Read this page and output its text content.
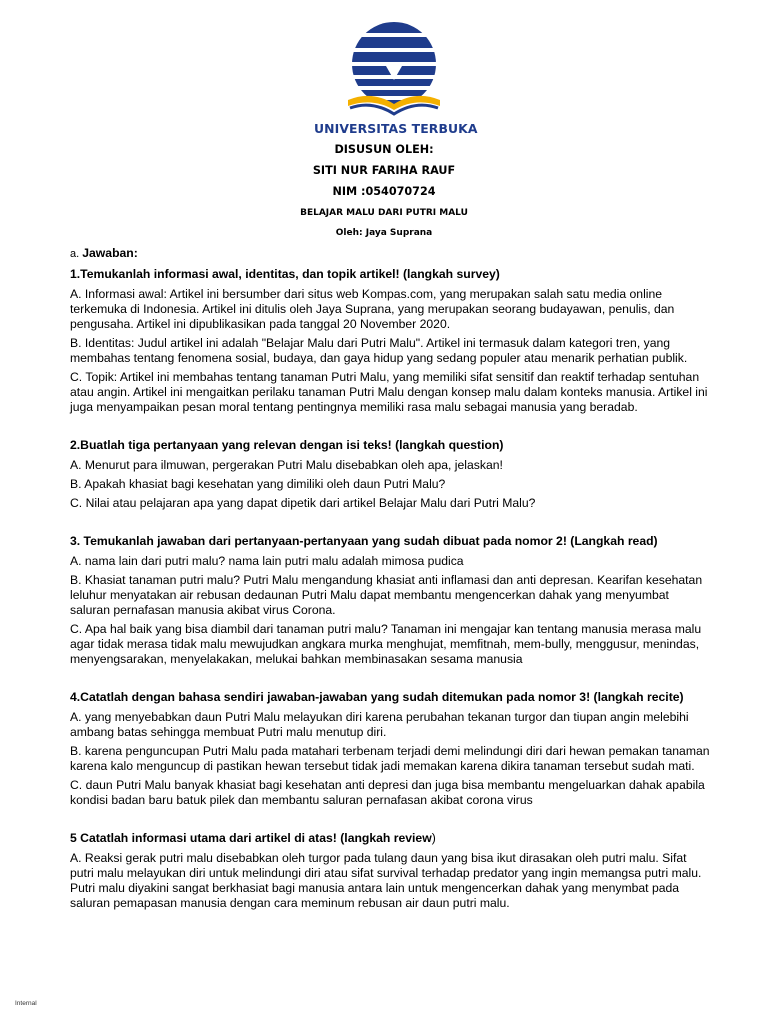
UNIVERSITAS TERBUKA
DISUSUN OLEH:
SITI NUR FARIHA RAUF
NIM :054070724
BELAJAR MALU DARI PUTRI MALU
Oleh: Jaya Suprana

a. Jawaban:

1.Temukanlah informasi awal, identitas, dan topik artikel! (langkah survey)

A. Informasi awal: Artikel ini bersumber dari situs web Kompas.com, yang merupakan salah satu media online terkemuka di Indonesia. Artikel ini ditulis oleh Jaya Suprana, yang merupakan seorang budayawan, penulis, dan pengusaha. Artikel ini dipublikasikan pada tanggal 20 November 2020.

B. Identitas: Judul artikel ini adalah "Belajar Malu dari Putri Malu". Artikel ini termasuk dalam kategori tren, yang membahas tentang fenomena sosial, budaya, dan gaya hidup yang sedang populer atau menarik perhatian publik.

C. Topik: Artikel ini membahas tentang tanaman Putri Malu, yang memiliki sifat sensitif dan reaktif terhadap sentuhan atau angin. Artikel ini mengaitkan perilaku tanaman Putri Malu dengan konsep malu dalam konteks manusia. Artikel ini juga menyampaikan pesan moral tentang pentingnya memiliki rasa malu sebagai manusia yang beradab.

2.Buatlah tiga pertanyaan yang relevan dengan isi teks! (langkah question)

A. Menurut para ilmuwan, pergerakan Putri Malu disebabkan oleh apa, jelaskan!

B. Apakah khasiat bagi kesehatan yang dimiliki oleh daun Putri Malu?

C. Nilai atau pelajaran apa yang dapat dipetik dari artikel Belajar Malu dari Putri Malu?

3. Temukanlah jawaban dari pertanyaan-pertanyaan yang sudah dibuat pada nomor 2! (Langkah read)

A. nama lain dari putri malu? nama lain putri malu adalah mimosa pudica

B. Khasiat tanaman putri malu? Putri Malu mengandung khasiat anti inflamasi dan anti depresan. Kearifan kesehatan leluhur menyatakan air rebusan dedaunan Putri Malu dapat membantu mengencerkan dahak yang menyumbat saluran pernafasan manusia akibat virus Corona.

C. Apa hal baik yang bisa diambil dari tanaman putri malu? Tanaman ini mengajar kan tentang manusia merasa malu agar tidak merasa tidak malu mewujudkan angkara murka menghujat, memfitnah, mem-bully, menggusur, menindas, menyengsarakan, menyelakakan, melukai bahkan membinasakan sesama manusia

4.Catatlah dengan bahasa sendiri jawaban-jawaban yang sudah ditemukan pada nomor 3! (langkah recite)

A. yang menyebabkan daun Putri Malu melayukan diri karena perubahan tekanan turgor dan tiupan angin melebihi ambang batas sehingga membuat Putri malu menutup diri.

B. karena penguncupan Putri Malu pada matahari terbenam terjadi demi melindungi diri dari hewan pemakan tanaman karena kalo menguncup di pastikan hewan tersebut tidak jadi memakan karena dikira tanaman tersebut sudah mati.

C. daun Putri Malu banyak khasiat bagi kesehatan anti depresi dan juga bisa membantu mengeluarkan dahak apabila kondisi badan baru batuk pilek dan membantu saluran pernafasan akibat corona virus

5 Catatlah informasi utama dari artikel di atas! (langkah review)

A. Reaksi gerak putri malu disebabkan oleh turgor pada tulang daun yang bisa ikut dirasakan oleh putri malu. Sifat putri malu melayukan diri untuk melindungi diri atau sifat survival terhadap predator yang ingin memangsa putri malu. Putri malu diyakini sangat berkhasiat bagi manusia antara lain untuk mengencerkan dahak yang menymbat pada saluran pemapasan manusia dengan cara meminum rebusan air daun putri malu.

Internal
